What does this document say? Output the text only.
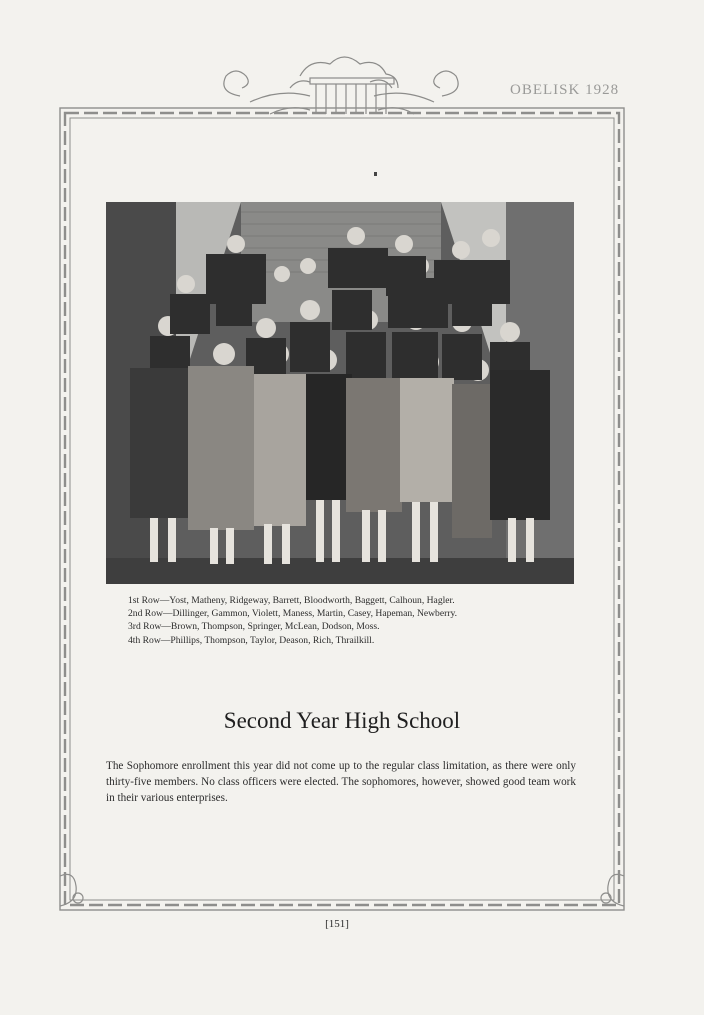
OBELISK 1928
1st Row—Yost, Matheny, Ridgeway, Barrett, Bloodworth, Baggett, Calhoun, Hagler.
2nd Row—Dillinger, Gammon, Violett, Maness, Martin, Casey, Hapeman, Newberry.
3rd Row—Brown, Thompson, Springer, McLean, Dodson, Moss.
4th Row—Phillips, Thompson, Taylor, Deason, Rich, Thrailkill.
Second Year High School
The Sophomore enrollment this year did not come up to the regular class limitation, as there were only thirty-five members. No class officers were elected. The sophomores, however, showed good team work in their various enterprises.
[151]
